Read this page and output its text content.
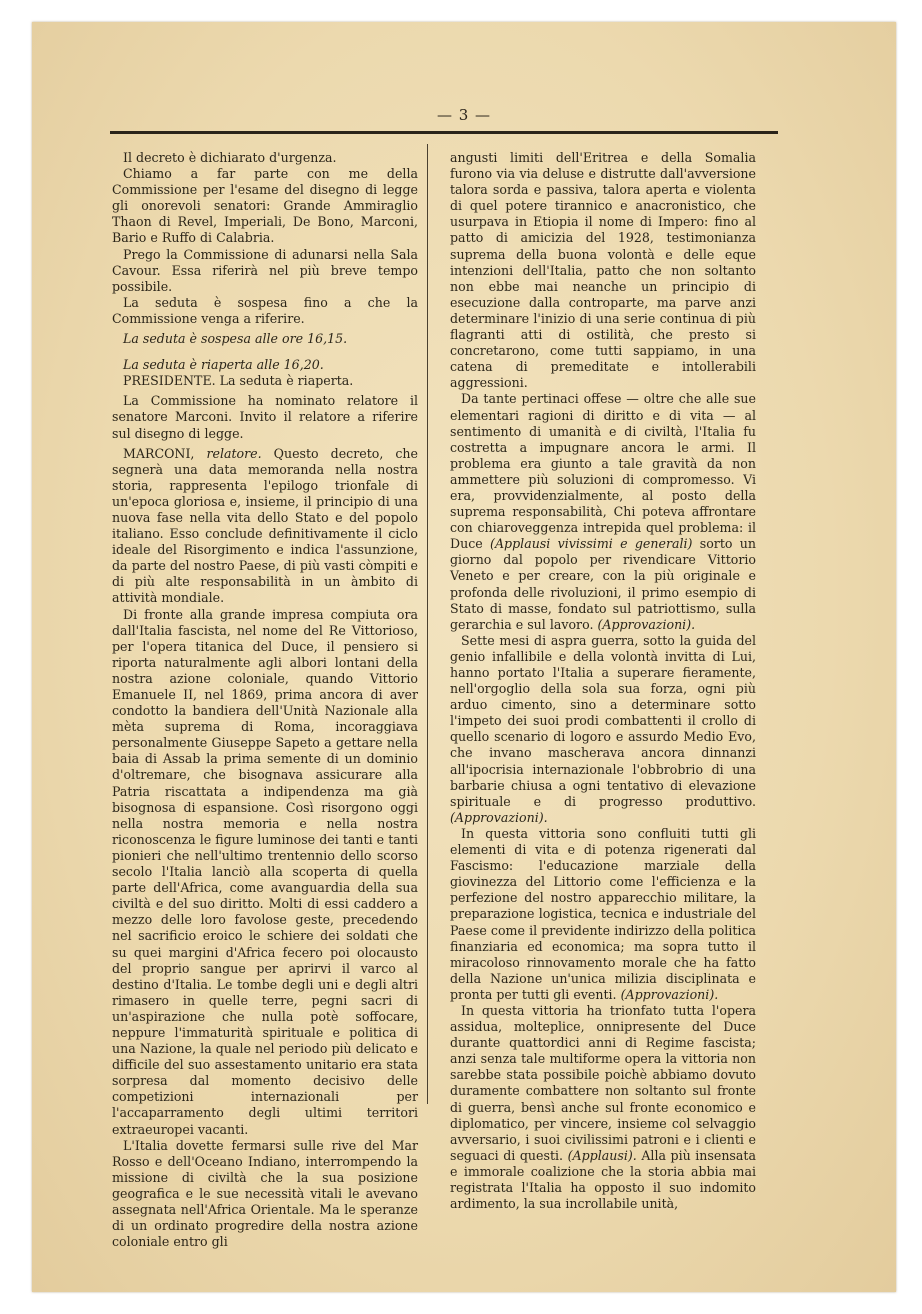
— 3 —

Il decreto è dichiarato d'urgenza.

Chiamo a far parte con me della Commissione per l'esame del disegno di legge gli onorevoli senatori: Grande Ammiraglio Thaon di Revel, Imperiali, De Bono, Marconi, Bario e Ruffo di Calabria.

Prego la Commissione di adunarsi nella Sala Cavour. Essa riferirà nel più breve tempo possibile.

La seduta è sospesa fino a che la Commissione venga a riferire.

La seduta è sospesa alle ore 16,15.

La seduta è riaperta alle 16,20.

PRESIDENTE. La seduta è riaperta.

La Commissione ha nominato relatore il senatore Marconi. Invito il relatore a riferire sul disegno di legge.

MARCONI, relatore. Questo decreto, che segnerà una data memoranda nella nostra storia, rappresenta l'epilogo trionfale di un'epoca gloriosa e, insieme, il principio di una nuova fase nella vita dello Stato e del popolo italiano. Esso conclude definitivamente il ciclo ideale del Risorgimento e indica l'assunzione, da parte del nostro Paese, di più vasti còmpiti e di più alte responsabilità in un àmbito di attività mondiale.

Di fronte alla grande impresa compiuta ora dall'Italia fascista, nel nome del Re Vittorioso, per l'opera titanica del Duce, il pensiero si riporta naturalmente agli albori lontani della nostra azione coloniale, quando Vittorio Emanuele II, nel 1869, prima ancora di aver condotto la bandiera dell'Unità Nazionale alla mèta suprema di Roma, incoraggiava personalmente Giuseppe Sapeto a gettare nella baia di Assab la prima semente di un dominio d'oltremare, che bisognava assicurare alla Patria riscattata a indipendenza ma già bisognosa di espansione. Così risorgono oggi nella nostra memoria e nella nostra riconoscenza le figure luminose dei tanti e tanti pionieri che nell'ultimo trentennio dello scorso secolo l'Italia lanciò alla scoperta di quella parte dell'Africa, come avanguardia della sua civiltà e del suo diritto. Molti di essi caddero a mezzo delle loro favolose geste, precedendo nel sacrificio eroico le schiere dei soldati che su quei margini d'Africa fecero poi olocausto del proprio sangue per aprirvi il varco al destino d'Italia. Le tombe degli uni e degli altri rimasero in quelle terre, pegni sacri di un'aspirazione che nulla potè soffocare, neppure l'immaturità spirituale e politica di una Nazione, la quale nel periodo più delicato e difficile del suo assestamento unitario era stata sorpresa dal momento decisivo delle competizioni internazionali per l'accaparramento degli ultimi territori extraeuropei vacanti.

L'Italia dovette fermarsi sulle rive del Mar Rosso e dell'Oceano Indiano, interrompendo la missione di civiltà che la sua posizione geografica e le sue necessità vitali le avevano assegnata nell'Africa Orientale. Ma le speranze di un ordinato progredire della nostra azione coloniale entro gli

angusti limiti dell'Eritrea e della Somalia furono via via deluse e distrutte dall'avversione talora sorda e passiva, talora aperta e violenta di quel potere tirannico e anacronistico, che usurpava in Etiopia il nome di Impero: fino al patto di amicizia del 1928, testimonianza suprema della buona volontà e delle eque intenzioni dell'Italia, patto che non soltanto non ebbe mai neanche un principio di esecuzione dalla controparte, ma parve anzi determinare l'inizio di una serie continua di più flagranti atti di ostilità, che presto si concretarono, come tutti sappiamo, in una catena di premeditate e intollerabili aggressioni.

Da tante pertinaci offese — oltre che alle sue elementari ragioni di diritto e di vita — al sentimento di umanità e di civiltà, l'Italia fu costretta a impugnare ancora le armi. Il problema era giunto a tale gravità da non ammettere più soluzioni di compromesso. Vi era, provvidenzialmente, al posto della suprema responsabilità, Chi poteva affrontare con chiaroveggenza intrepida quel problema: il Duce (Applausi vivissimi e generali) sorto un giorno dal popolo per rivendicare Vittorio Veneto e per creare, con la più originale e profonda delle rivoluzioni, il primo esempio di Stato di masse, fondato sul patriottismo, sulla gerarchia e sul lavoro. (Approvazioni).

Sette mesi di aspra guerra, sotto la guida del genio infallibile e della volontà invitta di Lui, hanno portato l'Italia a superare fieramente, nell'orgoglio della sola sua forza, ogni più arduo cimento, sino a determinare sotto l'impeto dei suoi prodi combattenti il crollo di quello scenario di logoro e assurdo Medio Evo, che invano mascherava ancora dinnanzi all'ipocrisia internazionale l'obbrobrio di una barbarie chiusa a ogni tentativo di elevazione spirituale e di progresso produttivo. (Approvazioni).

In questa vittoria sono confluiti tutti gli elementi di vita e di potenza rigenerati dal Fascismo: l'educazione marziale della giovinezza del Littorio come l'efficienza e la perfezione del nostro apparecchio militare, la preparazione logistica, tecnica e industriale del Paese come il previdente indirizzo della politica finanziaria ed economica; ma sopra tutto il miracoloso rinnovamento morale che ha fatto della Nazione un'unica milizia disciplinata e pronta per tutti gli eventi. (Approvazioni).

In questa vittoria ha trionfato tutta l'opera assidua, molteplice, onnipresente del Duce durante quattordici anni di Regime fascista; anzi senza tale multiforme opera la vittoria non sarebbe stata possibile poichè abbiamo dovuto duramente combattere non soltanto sul fronte di guerra, bensì anche sul fronte economico e diplomatico, per vincere, insieme col selvaggio avversario, i suoi civilissimi patroni e i clienti e seguaci di questi. (Applausi). Alla più insensata e immorale coalizione che la storia abbia mai registrata l'Italia ha opposto il suo indomito ardimento, la sua incrollabile unità,
